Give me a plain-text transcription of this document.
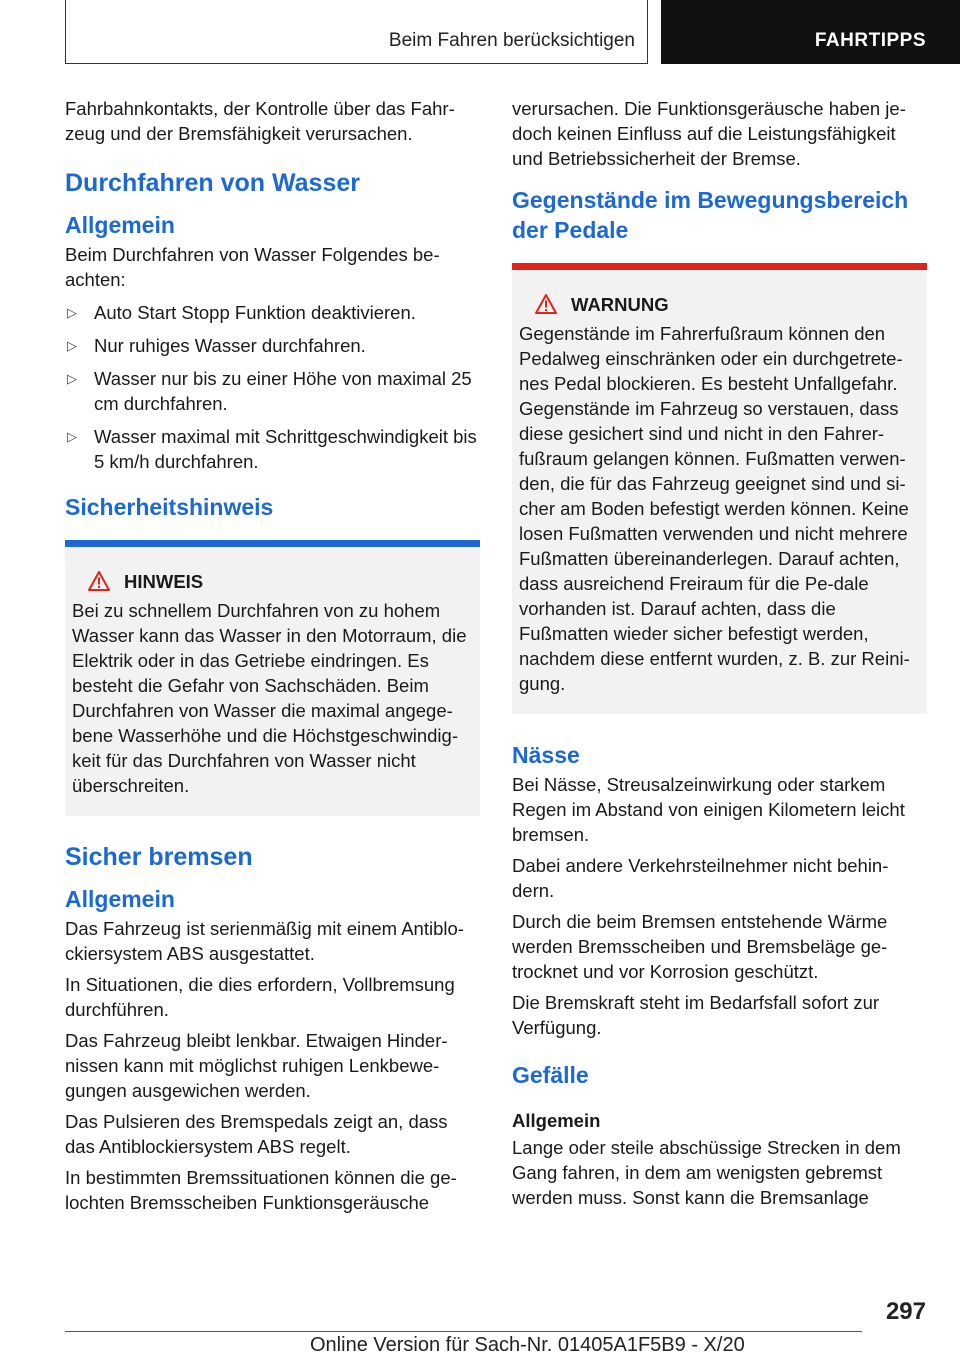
Beim Fahren berücksichtigen	FAHRTIPPS

Fahrbahnkontakts, der Kontrolle über das Fahr-zeug und der Bremsfähigkeit verursachen.

Durchfahren von Wasser
Allgemein

Beim Durchfahren von Wasser Folgendes be-achten:

▷ Auto Start Stopp Funktion deaktivieren.
▷ Nur ruhiges Wasser durchfahren.
▷ Wasser nur bis zu einer Höhe von maximal 25 cm durchfahren.
▷ Wasser maximal mit Schrittgeschwindigkeit bis 5 km/h durchfahren.
Sicherheitshinweis
HINWEIS

Bei zu schnellem Durchfahren von zu hohem Wasser kann das Wasser in den Motorraum, die Elektrik oder in das Getriebe eindringen. Es besteht die Gefahr von Sachschäden. Beim Durchfahren von Wasser die maximal angege-bene Wasserhöhe und die Höchstgeschwindig-keit für das Durchfahren von Wasser nicht überschreiten.

Sicher bremsen
Allgemein

Das Fahrzeug ist serienmäßig mit einem Antiblo-ckiersystem ABS ausgestattet.

In Situationen, die dies erfordern, Vollbremsung durchführen.

Das Fahrzeug bleibt lenkbar. Etwaigen Hinder-nissen kann mit möglichst ruhigen Lenkbewe-gungen ausgewichen werden.

Das Pulsieren des Bremspedals zeigt an, dass das Antiblockiersystem ABS regelt.

In bestimmten Bremssituationen können die ge-lochten Bremsscheiben Funktionsgeräusche

verursachen. Die Funktionsgeräusche haben je-doch keinen Einfluss auf die Leistungsfähigkeit und Betriebssicherheit der Bremse.

Gegenstände im Bewegungsbereich der Pedale
WARNUNG

Gegenstände im Fahrerfußraum können den Pedalweg einschränken oder ein durchgetrete-nes Pedal blockieren. Es besteht Unfallgefahr. Gegenstände im Fahrzeug so verstauen, dass diese gesichert sind und nicht in den Fahrer-fußraum gelangen können. Fußmatten verwen-den, die für das Fahrzeug geeignet sind und si-cher am Boden befestigt werden können. Keine losen Fußmatten verwenden und nicht mehrere Fußmatten übereinanderlegen. Darauf achten, dass ausreichend Freiraum für die Pe-dale vorhanden ist. Darauf achten, dass die Fußmatten wieder sicher befestigt werden, nachdem diese entfernt wurden, z. B. zur Reini-gung.

Nässe

Bei Nässe, Streusalzeinwirkung oder starkem Regen im Abstand von einigen Kilometern leicht bremsen.

Dabei andere Verkehrsteilnehmer nicht behin-dern.

Durch die beim Bremsen entstehende Wärme werden Bremsscheiben und Bremsbeläge ge-trocknet und vor Korrosion geschützt.

Die Bremskraft steht im Bedarfsfall sofort zur Verfügung.

Gefälle
Allgemein

Lange oder steile abschüssige Strecken in dem Gang fahren, in dem am wenigsten gebremst werden muss. Sonst kann die Bremsanlage

297
Online Version für Sach-Nr. 01405A1F5B9 - X/20
